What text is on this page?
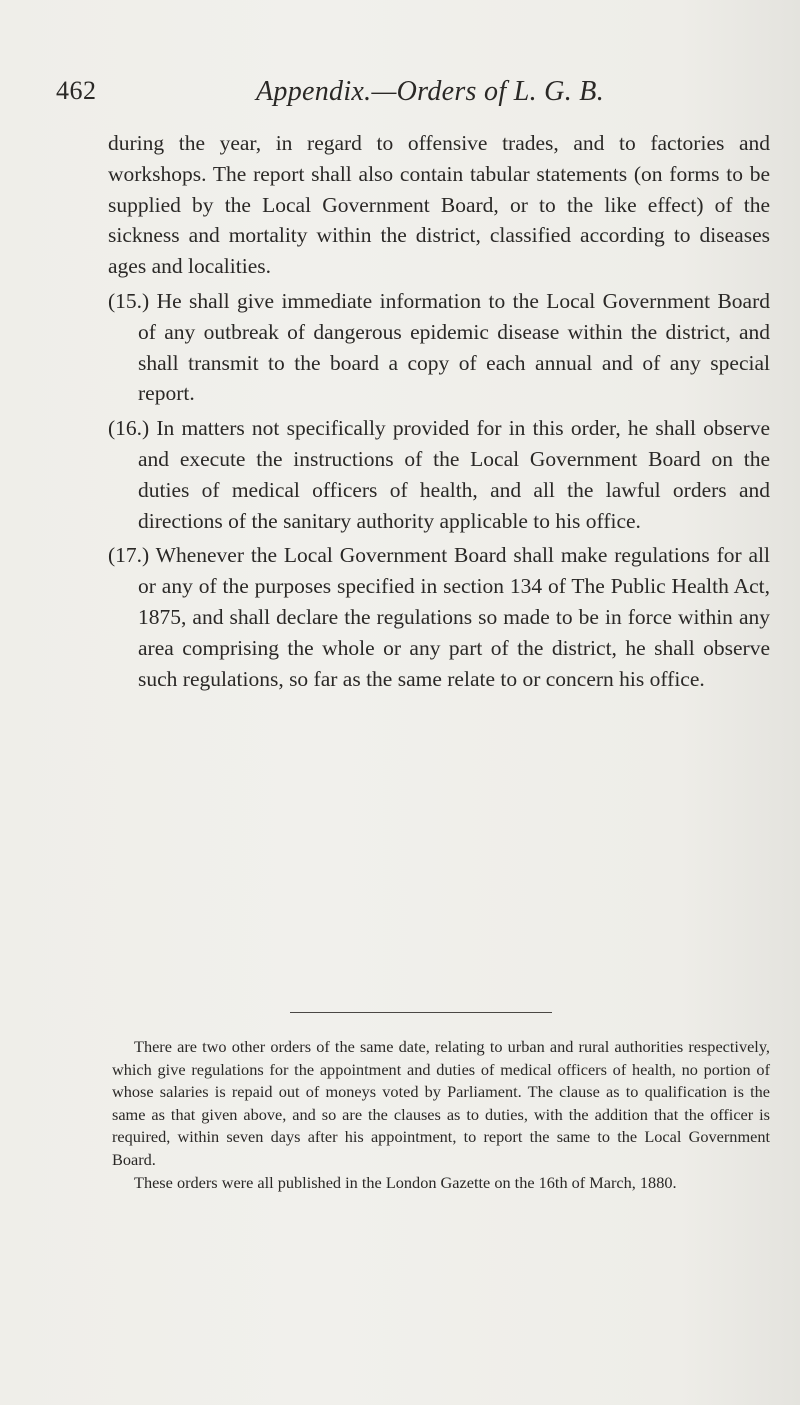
462	Appendix.—Orders of L. G. B.

during the year, in regard to offensive trades, and to factories and workshops. The report shall also contain tabular statements (on forms to be supplied by the Local Government Board, or to the like effect) of the sickness and mortality within the district, classified according to diseases ages and localities.

(15.) He shall give immediate information to the Local Government Board of any outbreak of dangerous epidemic disease within the district, and shall transmit to the board a copy of each annual and of any special report.

(16.) In matters not specifically provided for in this order, he shall observe and execute the instructions of the Local Government Board on the duties of medical officers of health, and all the lawful orders and directions of the sanitary authority applicable to his office.

(17.) Whenever the Local Government Board shall make regulations for all or any of the purposes specified in section 134 of The Public Health Act, 1875, and shall declare the regulations so made to be in force within any area comprising the whole or any part of the district, he shall observe such regulations, so far as the same relate to or concern his office.

There are two other orders of the same date, relating to urban and rural authorities respectively, which give regulations for the appointment and duties of medical officers of health, no portion of whose salaries is repaid out of moneys voted by Parliament. The clause as to qualification is the same as that given above, and so are the clauses as to duties, with the addition that the officer is required, within seven days after his appointment, to report the same to the Local Government Board.

These orders were all published in the London Gazette on the 16th of March, 1880.
